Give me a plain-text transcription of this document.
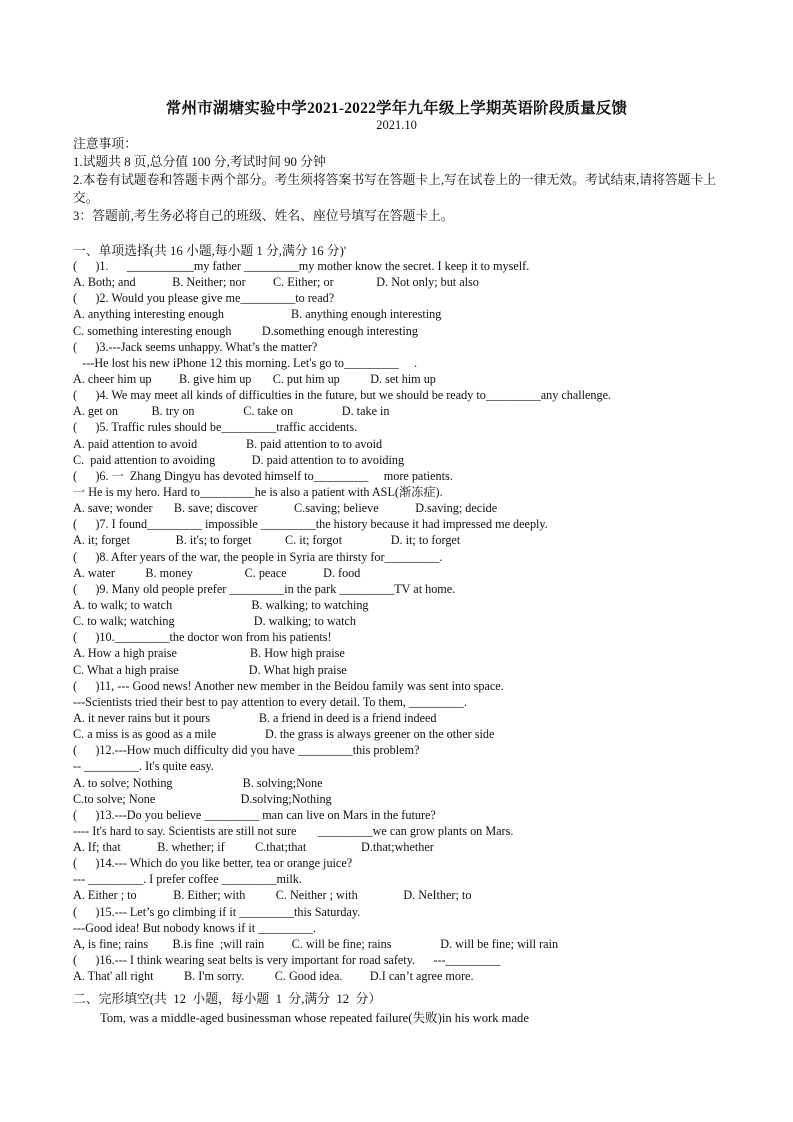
常州市湖塘实验中学2021-2022学年九年级上学期英语阶段质量反馈
2021.10
注意事项：
1.试题共 8 页,总分值 100 分,考试时间 90 分钟
2.本卷有试题卷和答题卡两个部分。考生须将答案书写在答题卡上,写在试卷上的一律无效。考试结束,请将答题卡上交。
3：答题前,考生务必将自己的班级、姓名、座位号填写在答题卡上。
一、单项选择(共 16 小题,每小题 1 分,满分 16 分)'
(      )1.      ___________my father _________my mother know the secret. I keep it to myself.
A. Both; and            B. Neither; nor         C. Either; or              D. Not only; but also
(      )2. Would you please give me_________to read?
A. anything interesting enough                      B. anything enough interesting
C. something interesting enough          D.something enough interesting
(      )3.---Jack seems unhappy. What’s the matter?
---He lost his new iPhone 12 this morning. Let's go to_________     .
A. cheer him up         B. give him up       C. put him up          D. set him up
(      )4. We may meet all kinds of difficulties in the future, but we should be ready to_________any challenge.
A. get on           B. try on                C. take on                D. take in
(      )5. Traffic rules should be_________traffic accidents.
A. paid attention to avoid                B. paid attention to to avoid
C.  paid attention to avoiding            D. paid attention to to avoiding
(      )6. 一  Zhang Dingyu has devoted himself to_________     more patients.
一 He is my hero. Hard to_________he is also a patient with ASL(渐冻症).
A. save; wonder       B. save; discover            C.saving; believe            D.saving; decide
(      )7. I found_________ impossible _________the history because it had impressed me deeply.
A. it; forget               B. it's; to forget           C. it; forgot                D. it; to forget
(      )8. After years of the war, the people in Syria are thirsty for_________.
A. water          B. money                 C. peace            D. food
(      )9. Many old people prefer _________in the park _________TV at home.
A. to walk; to watch                          B. walking; to watching
C. to walk; watching                          D. walking; to watch
(      )10._________the doctor won from his patients!
A. How a high praise                        B. How high praise
C. What a high praise                       D. What high praise
(      )11, --- Good news! Another new member in the Beidou family was sent into space.
---Scientists tried their best to pay attention to every detail. To them, _________.
A. it never rains but it pours                B. a friend in deed is a friend indeed
C. a miss is as good as a mile                D. the grass is always greener on the other side
(      )12.---How much difficulty did you have _________this problem?
-- _________. It's quite easy.
A. to solve; Nothing                       B. solving;None
C.to solve; None                            D.solving;Nothing
(      )13.---Do you believe _________ man can live on Mars in the future?
---- It's hard to say. Scientists are still not sure       _________we can grow plants on Mars.
A. If; that            B. whether; if          C.that;that                  D.that;whether
(      )14.--- Which do you like better, tea or orange juice?
--- _________. I prefer coffee _________milk.
A. Either ; to            B. Either; with          C. Neither ; with               D. NeIther; to
(      )15.--- Let’s go climbing if it _________this Saturday.
---Good idea! But nobody knows if it _________.
A, is fine; rains        B.is fine  ;will rain         C. will be fine; rains                D. will be fine; will rain
(      )16.--- I think wearing seat belts is very important for road safety.      ---_________
A. That' all right          B. I'm sorry.          C. Good idea.         D.I can’t agree more.
二、完形填空(共  12  小题，每小题  1  分,满分  12  分）
Tom, was a middle-aged businessman whose repeated failure(失败)in his work made
